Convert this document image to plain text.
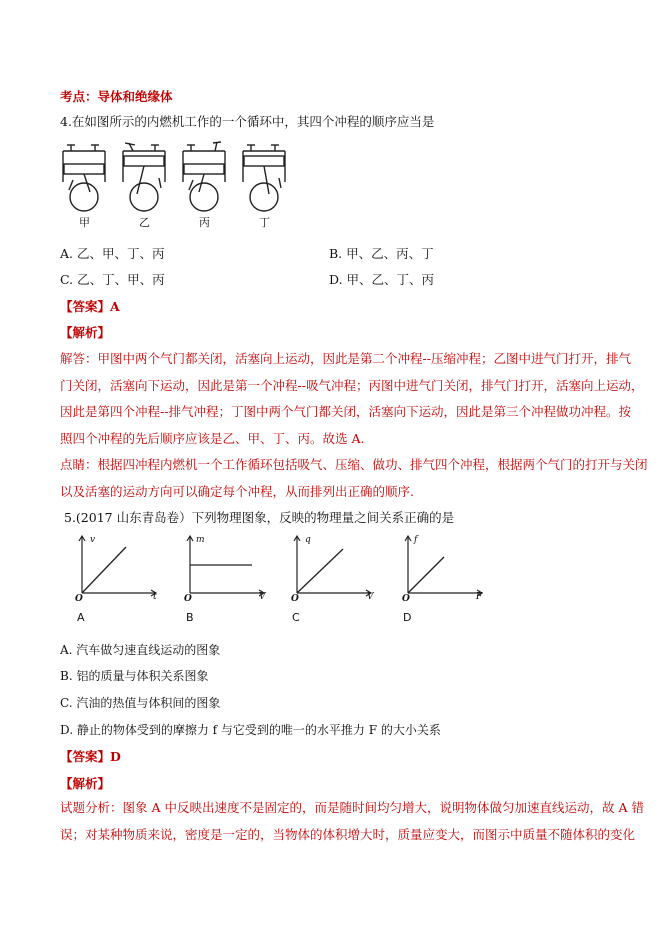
考点：导体和绝缘体
4.在如图所示的内燃机工作的一个循环中，其四个冲程的顺序应当是
甲	乙	丙	丁
A. 乙、甲、丁、丙	B. 甲、乙、丙、丁
C. 乙、丁、甲、丙	D. 甲、乙、丁、丙
【答案】A
【解析】
解答：甲图中两个气门都关闭，活塞向上运动，因此是第二个冲程--压缩冲程；乙图中进气门打开，排气
门关闭，活塞向下运动，因此是第一个冲程--吸气冲程；丙图中进气门关闭，排气门打开，活塞向上运动，
因此是第四个冲程--排气冲程；丁图中两个气门都关闭，活塞向下运动，因此是第三个冲程做功冲程。按
照四个冲程的先后顺序应该是乙、甲、丁、丙。故选 A.
点睛：根据四冲程内燃机一个工作循环包括吸气、压缩、做功、排气四个冲程，根据两个气门的打开与关闭
以及活塞的运动方向可以确定每个冲程，从而排列出正确的顺序.
5.(2017 山东青岛卷）下列物理图象，反映的物理量之间关系正确的是
v
t
O
A
m
V
O
B
q
V
O
C
f
F
O
D
A. 汽车做匀速直线运动的图象
B. 铝的质量与体积关系图象
C. 汽油的热值与体积间的图象
D. 静止的物体受到的摩擦力 f 与它受到的唯一的水平推力 F 的大小关系
【答案】D
【解析】
试题分析：图象 A 中反映出速度不是固定的，而是随时间均匀增大，说明物体做匀加速直线运动，故 A 错
误；对某种物质来说，密度是一定的，当物体的体积增大时，质量应变大，而图示中质量不随体积的变化
